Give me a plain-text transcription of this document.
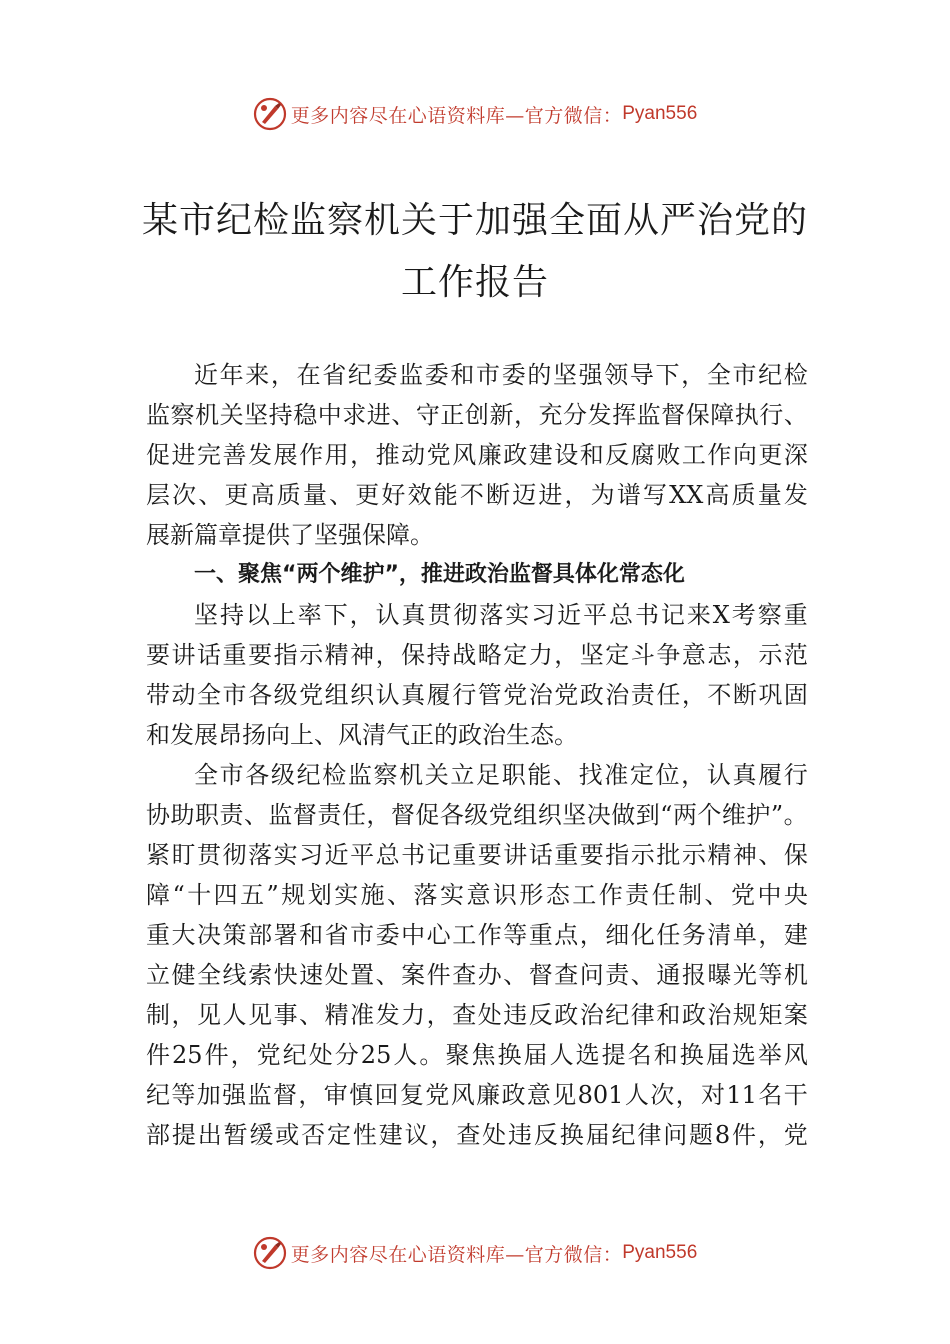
更多内容尽在心语资料库—官方微信： Pyan556
某市纪检监察机关于加强全面从严治党的
工作报告
近 年 来 ， 在 省 纪 委 监 委 和 市 委 的 坚 强 领 导 下 ， 全 市 纪 检
监 察 机 关 坚 持 稳 中 求 进 、 守 正 创 新 ， 充 分 发 挥 监 督 保 障 执 行 、
促 进 完 善 发 展 作 用 ， 推 动 党 风 廉 政 建 设 和 反 腐 败 工 作 向 更 深
层 次 、 更 高 质 量 、 更 好 效 能 不 断 迈 进 ， 为 谱 写 XX 高 质 量 发
展新篇章提供了坚强保障。
一、聚焦“两个维护”，推进政治监督具体化常态化
坚 持 以 上 率 下 ， 认 真 贯 彻 落 实 习 近 平 总 书 记 来 X 考 察 重
要 讲 话 重 要 指 示 精 神 ， 保 持 战 略 定 力 ， 坚 定 斗 争 意 志 ， 示 范
带 动 全 市 各 级 党 组 织 认 真 履 行 管 党 治 党 政 治 责 任 ， 不 断 巩 固
和发展昂扬向上、风清气正的政治生态。
全 市 各 级 纪 检 监 察 机 关 立 足 职 能 、 找 准 定 位 ， 认 真 履 行
协 助 职 责 、 监 督 责 任 ， 督 促 各 级 党 组 织 坚 决 做 到 “ 两 个 维 护 ” 。
紧 盯 贯 彻 落 实 习 近 平 总 书 记 重 要 讲 话 重 要 指 示 批 示 精 神 、 保
障 “ 十 四 五 ” 规 划 实 施 、 落 实 意 识 形 态 工 作 责 任 制 、 党 中 央
重 大 决 策 部 署 和 省 市 委 中 心 工 作 等 重 点 ， 细 化 任 务 清 单 ， 建
立 健 全 线 索 快 速 处 置 、 案 件 查 办 、 督 查 问 责 、 通 报 曝 光 等 机
制 ， 见 人 见 事 、 精 准 发 力 ， 查 处 违 反 政 治 纪 律 和 政 治 规 矩 案
件 25 件 ， 党 纪 处 分 25 人 。 聚 焦 换 届 人 选 提 名 和 换 届 选 举 风
纪 等 加 强 监 督 ， 审 慎 回 复 党 风 廉 政 意 见 801 人 次 ， 对 11 名 干
部 提 出 暂 缓 或 否 定 性 建 议 ， 查 处 违 反 换 届 纪 律 问 题 8 件 ， 党
更多内容尽在心语资料库—官方微信： Pyan556
